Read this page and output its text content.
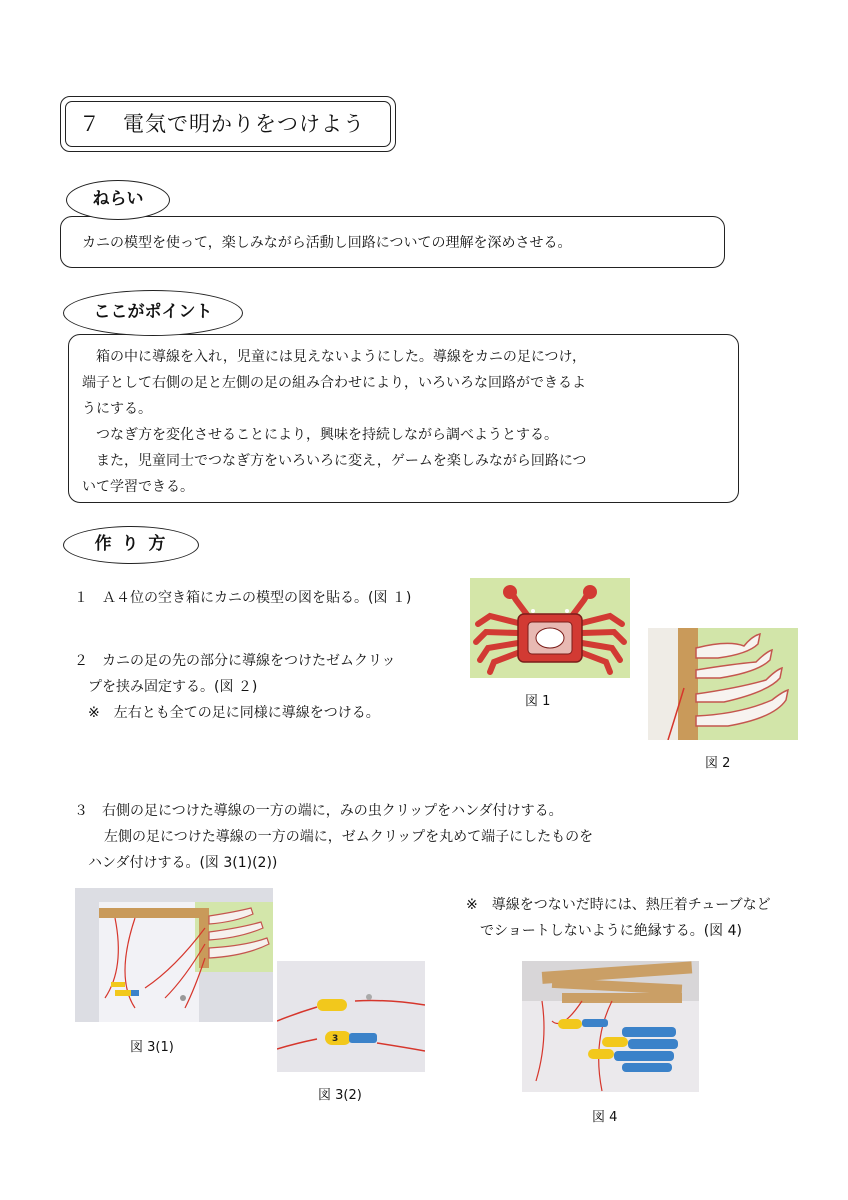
７　電気で明かりをつけよう
ねらい
カニの模型を使って，楽しみながら活動し回路についての理解を深めさせる。
ここがポイント
　箱の中に導線を入れ，児童には見えないようにした。導線をカニの足につけ，
端子として右側の足と左側の足の組み合わせにより，いろいろな回路ができるよ
うにする。
　つなぎ方を変化させることにより，興味を持続しながら調べようとする。
　また，児童同士でつなぎ方をいろいろに変え，ゲームを楽しみながら回路につ
いて学習できる。
作 り 方
１　Ａ４位の空き箱にカニの模型の図を貼る。(図 １)
２　カニの足の先の部分に導線をつけたゼムクリッ
プを挟み固定する。(図 ２)
※　左右とも全ての足に同様に導線をつける。
図 1
図 2
３　右側の足につけた導線の一方の端に，みの虫クリップをハンダ付けする。
左側の足につけた導線の一方の端に，ゼムクリップを丸めて端子にしたものを
ハンダ付けする。(図 3(1)(2))
※　導線をつないだ時には、熱圧着チューブなど
でショートしないように絶縁する。(図 4)
図 3(1)
3
図 3(2)
図 4
